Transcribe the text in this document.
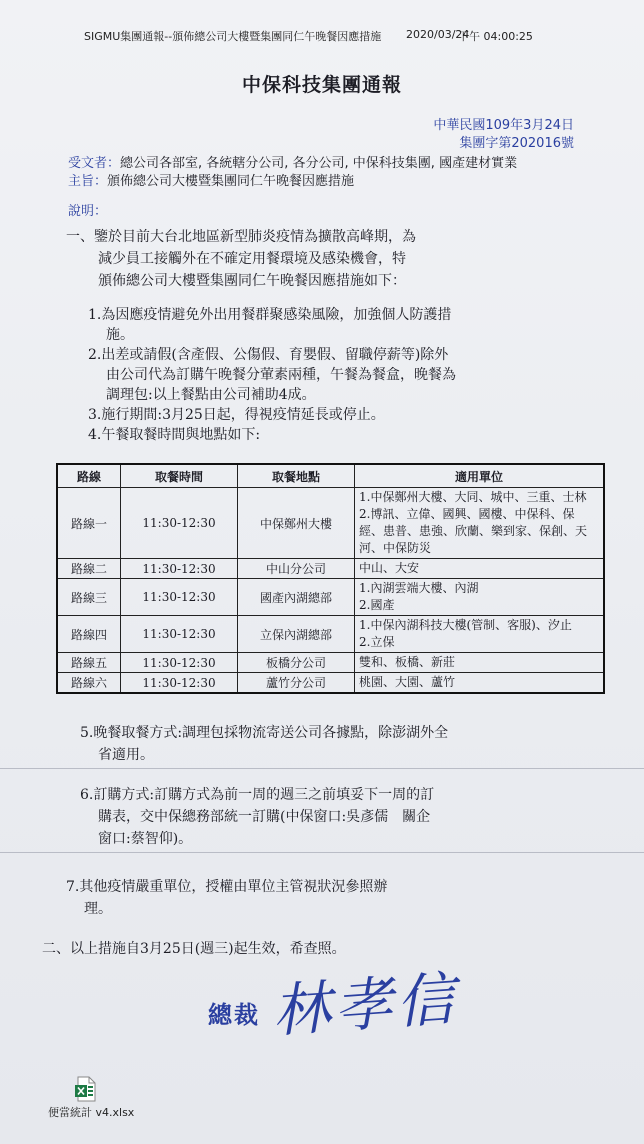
SIGMU集團通報--頒佈總公司大樓暨集團同仁午晚餐因應措施 2020/03/24
下午 04:00:25
中保科技集團通報
中華民國109年3月24日
集團字第202016號
受文者：總公司各部室, 各統轄分公司, 各分公司, 中保科技集團, 國產建材實業
主旨：頒佈總公司大樓暨集團同仁午晚餐因應措施
說明：
一、鑒於目前大台北地區新型肺炎疫情為擴散高峰期，為
減少員工接觸外在不確定用餐環境及感染機會，特
頒佈總公司大樓暨集團同仁午晚餐因應措施如下：
1.為因應疫情避免外出用餐群聚感染風險，加強個人防護措
施。
2.出差或請假(含產假、公傷假、育嬰假、留職停薪等)除外
由公司代為訂購午晚餐分葷素兩種，午餐為餐盒，晚餐為
調理包:以上餐點由公司補助4成。
3.施行期間:3月25日起，得視疫情延長或停止。
4.午餐取餐時間與地點如下:
路線	取餐時間	取餐地點	適用單位
路線一	11:30-12:30	中保鄭州大樓	1.中保鄭州大樓、大同、城中、三重、士林
2.博訊、立偉、國興、國樓、中保科、保
經、患普、患強、欣蘭、樂到家、保創、天
河、中保防災

路線二	11:30-12:30	中山分公司	中山、大安

路線三	11:30-12:30	國產內湖總部	1.內湖雲端大樓、內湖
2.國產

路線四	11:30-12:30	立保內湖總部	1.中保內湖科技大樓(管制、客服)、汐止
2.立保

路線五	11:30-12:30	板橋分公司	雙和、板橋、新莊

路線六	11:30-12:30	蘆竹分公司	桃園、大園、蘆竹
5.晚餐取餐方式:調理包採物流寄送公司各據點，除澎湖外全
省適用。
6.訂購方式:訂購方式為前一周的週三之前填妥下一周的訂
購表，交中保總務部統一訂購(中保窗口:吳彥儒　關企
窗口:蔡智仰)。
7.其他疫情嚴重單位，授權由單位主管視狀況參照辦
理。
二、以上措施自3月25日(週三)起生效，希查照。
總裁 林孝信
便當統計 v4.xlsx
